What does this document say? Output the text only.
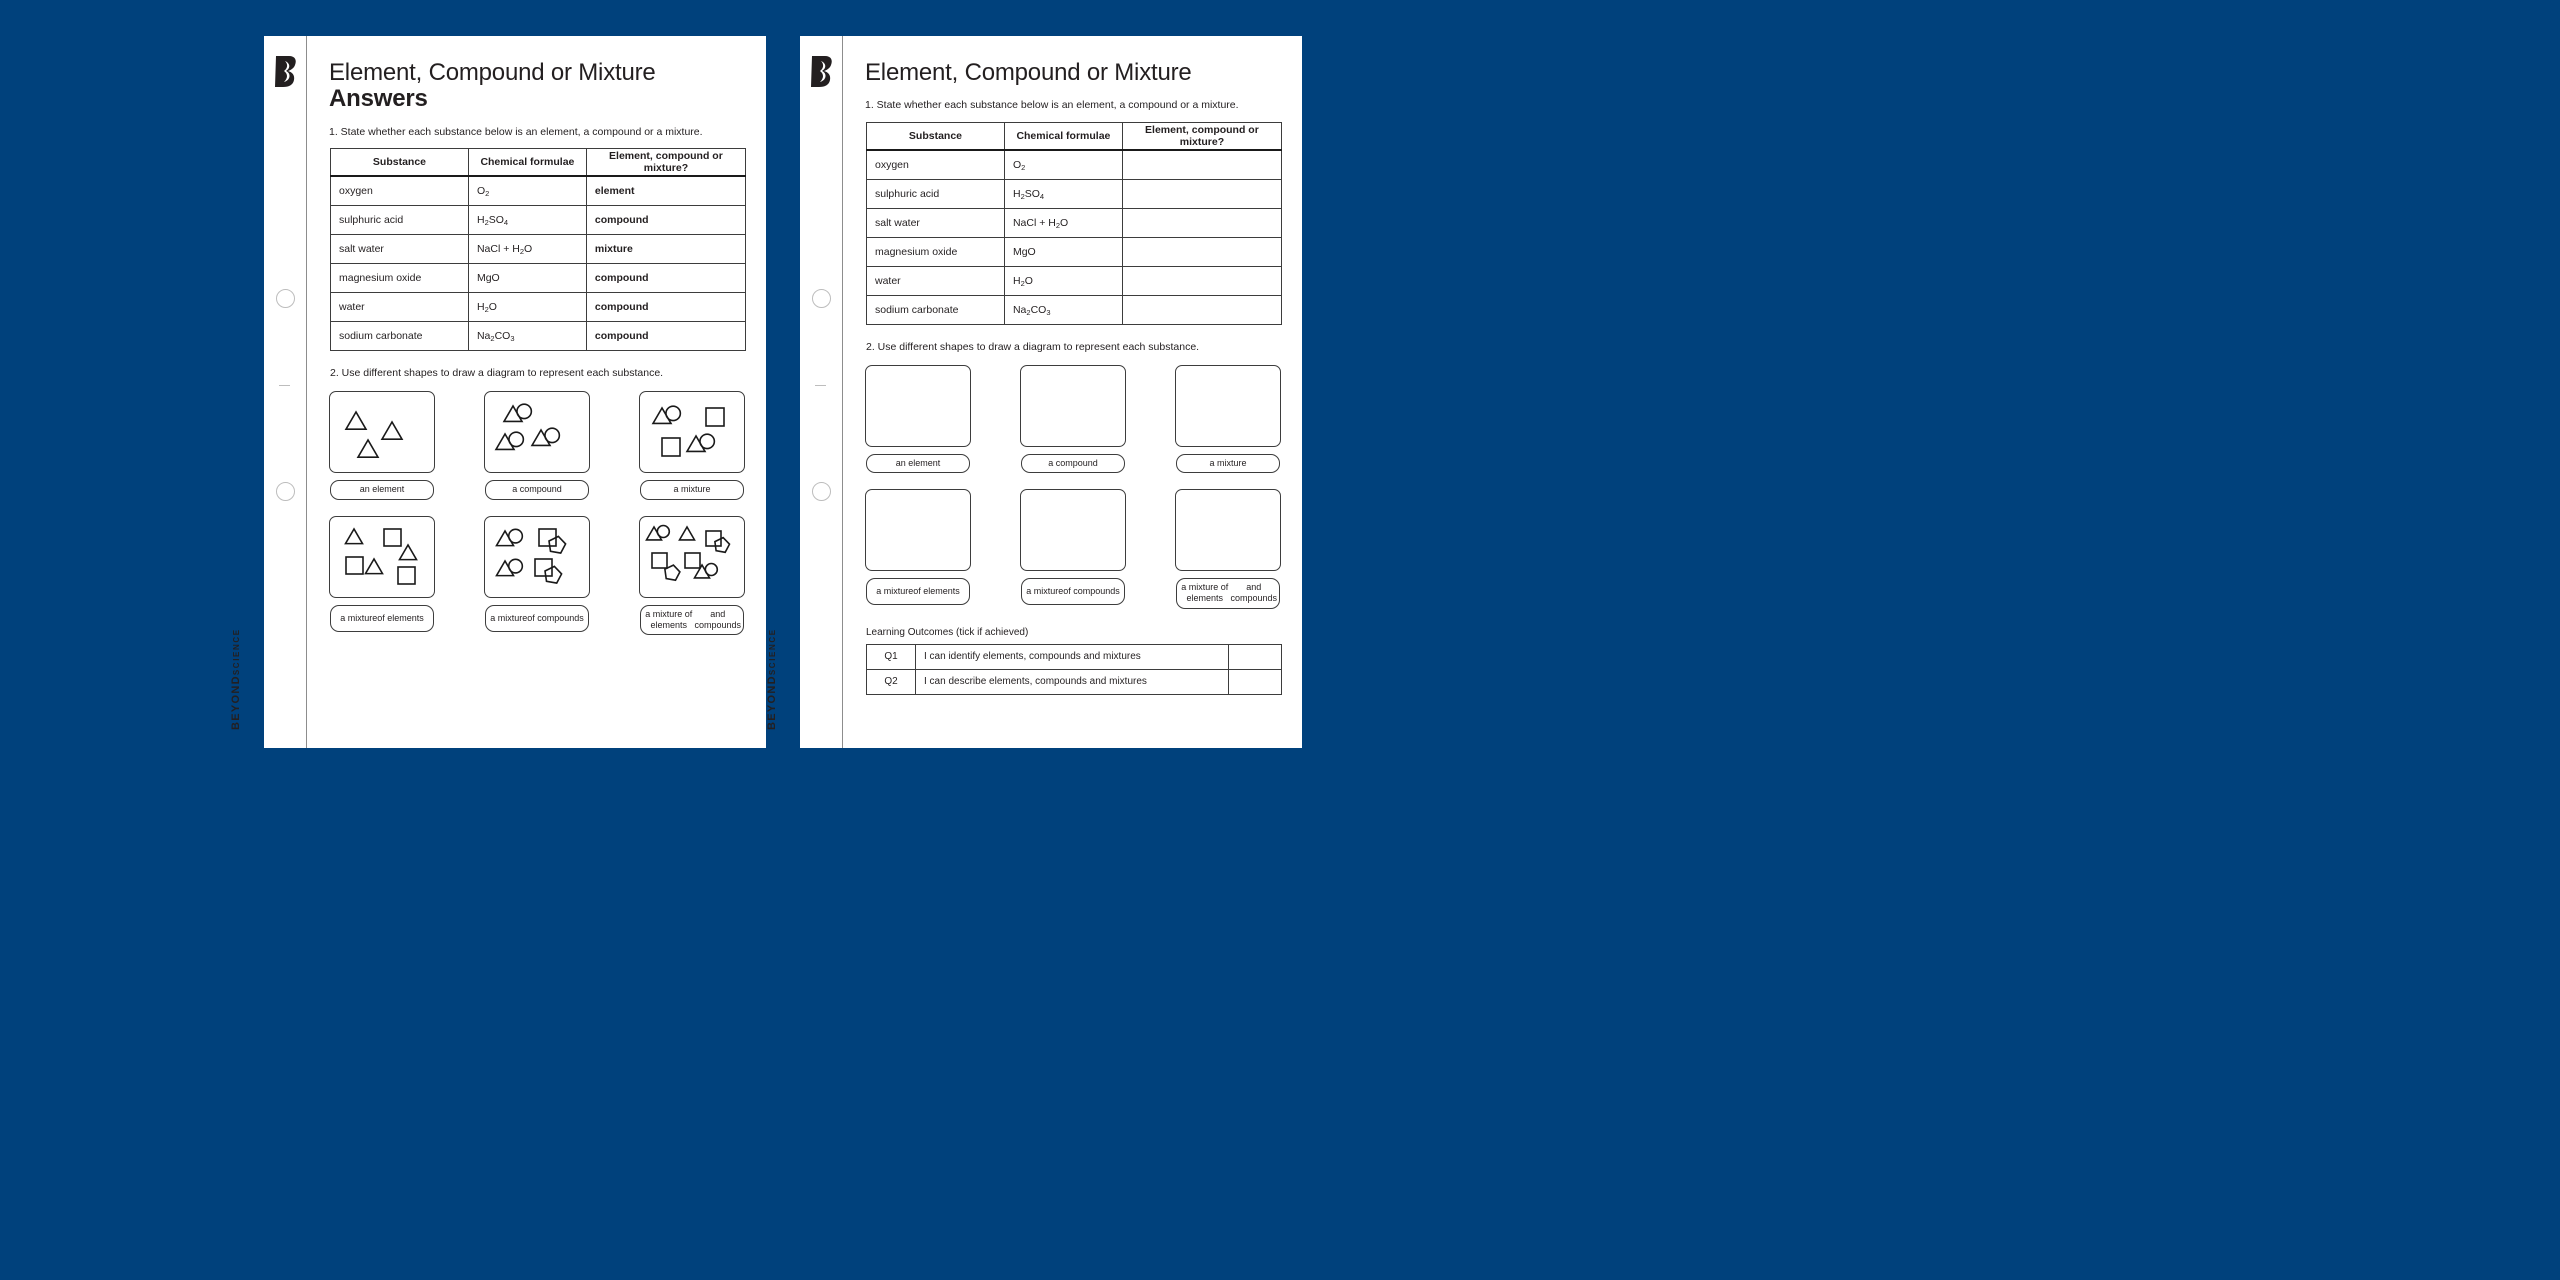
BEYONDSCIENCE
Element, Compound or Mixture Answers
1. State whether each substance below is an element, a compound or a mixture.
Substance	Chemical formulae	Element, compound or mixture?
oxygen	$O_2$	element
sulphuric acid	$H_2SO_4$	compound
salt water	NaCl + $H_2O$	mixture
magnesium oxide	MgO	compound
water	$H_2O$	compound
sodium carbonate	$Na_2CO_3$	compound
2. Use different shapes to draw a diagram to represent each substance.
an element	a compound	a mixture
a mixture of elements	a mixture of compounds	a mixture of elements

and compounds
BEYONDSCIENCE
Element, Compound or Mixture
1. State whether each substance below is an element, a compound or a mixture.
Substance	Chemical formulae	Element, compound or mixture?
oxygen	$O_2$	
sulphuric acid	$H_2SO_4$	
salt water	NaCl + $H_2O$	
magnesium oxide	MgO	
water	$H_2O$	
sodium carbonate	$Na_2CO_3$	
2. Use different shapes to draw a diagram to represent each substance.
an element	a compound	a mixture
a mixture of elements	a mixture of compounds	a mixture of elements

and compounds
Learning Outcomes (tick if achieved)
Q1	I can identify elements, compounds and mixtures	
Q2	I can describe elements, compounds and mixtures	
